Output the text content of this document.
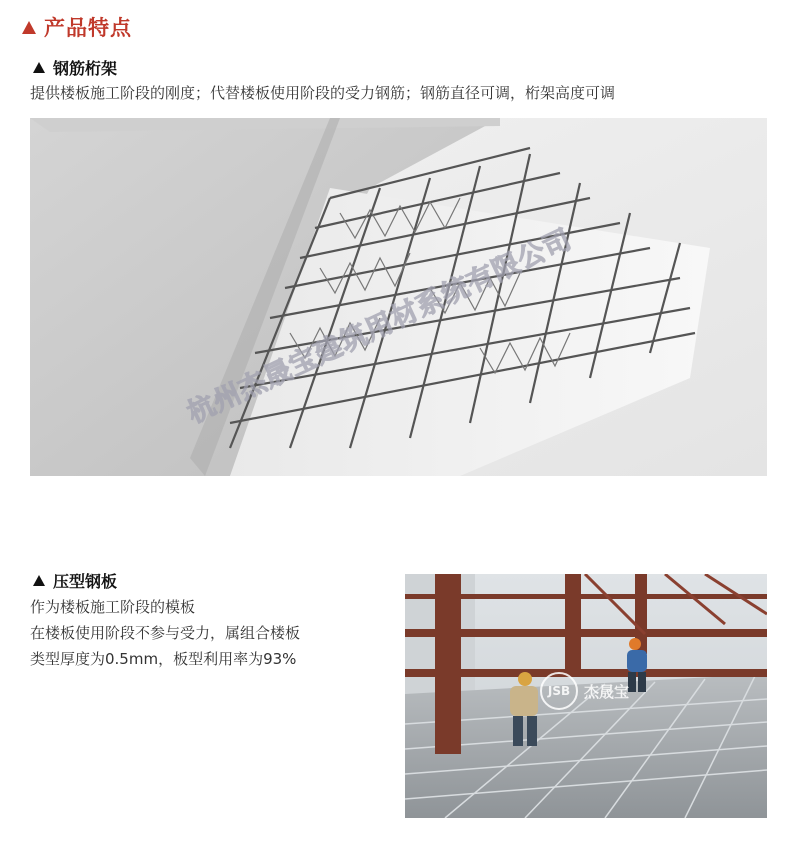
产品特点
钢筋桁架
提供楼板施工阶段的刚度；代替楼板使用阶段的受力钢筋；钢筋直径可调，桁架高度可调
压型钢板
作为楼板施工阶段的模板
在楼板使用阶段不参与受力，属组合楼板
类型厚度为0.5mm，板型利用率为93%
JSB 杰晟宝
